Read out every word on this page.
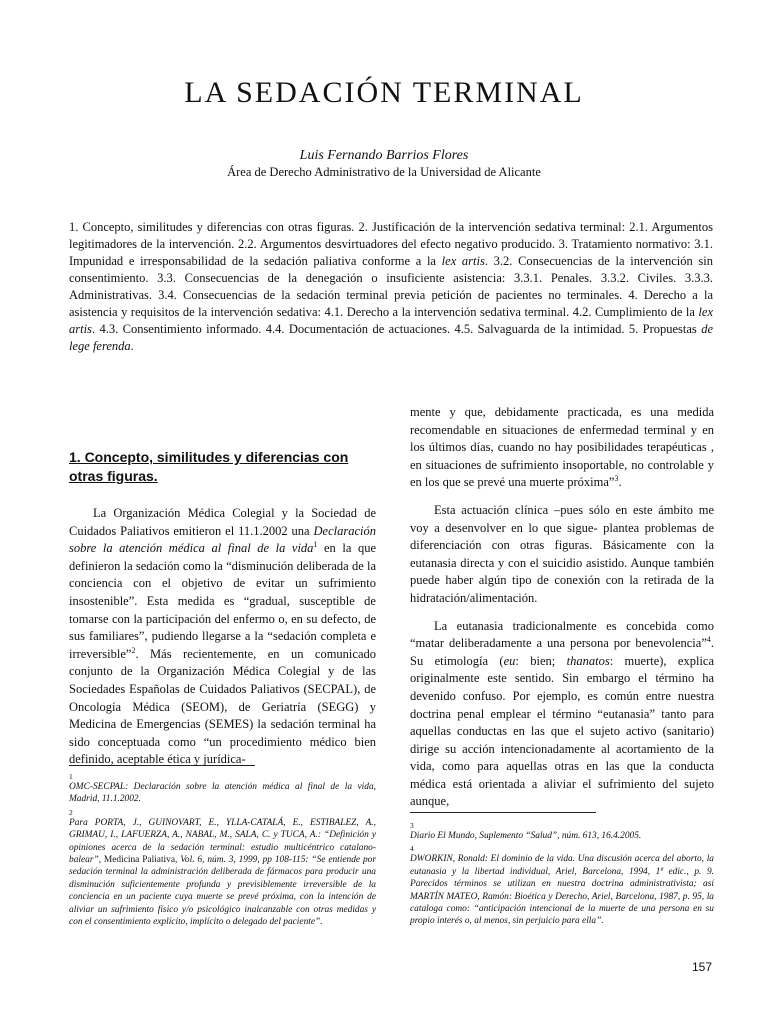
LA SEDACIÓN TERMINAL
Luis Fernando Barrios Flores
Área de Derecho Administrativo de la Universidad de Alicante
1. Concepto, similitudes y diferencias con otras figuras. 2. Justificación de la intervención sedativa terminal: 2.1. Argumentos legitimadores de la intervención. 2.2. Argumentos desvirtuadores del efecto negativo producido. 3. Tratamiento normativo: 3.1. Impunidad e irresponsabilidad de la sedación paliativa conforme a la lex artis. 3.2. Consecuencias de la intervención sin consentimiento. 3.3. Consecuencias de la denegación o insuficiente asistencia: 3.3.1. Penales. 3.3.2. Civiles. 3.3.3. Administrativas. 3.4. Consecuencias de la sedación terminal previa petición de pacientes no terminales. 4. Derecho a la asistencia y requisitos de la intervención sedativa: 4.1. Derecho a la intervención sedativa terminal. 4.2. Cumplimiento de la lex artis. 4.3. Consentimiento informado. 4.4. Documentación de actuaciones. 4.5. Salvaguarda de la intimidad. 5. Propuestas de lege ferenda.

1. Concepto, similitudes y diferencias con otras figuras.

La Organización Médica Colegial y la Sociedad de Cuidados Paliativos emitieron el 11.1.2002 una Declaración sobre la atención médica al final de la vida$^1$ en la que definieron la sedación como la “disminución deliberada de la conciencia con el objetivo de evitar un sufrimiento insostenible”. Esta medida es “gradual, susceptible de tomarse con la participación del enfermo o, en su defecto, de sus familiares”, pudiendo llegarse a la “sedación completa e irreversible”$^2$. Más recientemente, en un comunicado conjunto de la Organización Médica Colegial y de las Sociedades Españolas de Cuidados Paliativos (SECPAL), de Oncología Médica (SEOM), de Geriatría (SEGG) y Medicina de Emergencias (SEMES) la sedación terminal ha sido conceptuada como “un procedimiento médico bien definido, aceptable ética y jurídica-

mente y que, debidamente practicada, es una medida recomendable en situaciones de enfermedad terminal y en los últimos días, cuando no hay posibilidades terapéuticas , en situaciones de sufrimiento insoportable, no controlable y en los que se prevé una muerte próxima”$^3$.

Esta actuación clínica –pues sólo en este ámbito me voy a desenvolver en lo que sigue- plantea problemas de diferenciación con otras figuras. Básicamente con la eutanasia directa y con el suicidio asistido. Aunque también puede haber algún tipo de conexión con la retirada de la hidratación/alimentación.

La eutanasia tradicionalmente es concebida como “matar deliberadamente a una persona por benevolencia”$^4$. Su etimología (eu: bien; thanatos: muerte), explica originalmente este sentido. Sin embargo el término ha devenido confuso. Por ejemplo, es común entre nuestra doctrina penal emplear el término “eutanasia” tanto para aquellas conductas en las que el sujeto activo (sanitario) dirige su acción intencionadamente al acortamiento de la vida, como para aquellas otras en las que la conducta médica está orientada a aliviar el sufrimiento del sujeto aunque,

1
OMC-SECPAL: Declaración sobre la atención médica al final de la vida, Madrid, 11.1.2002.
2
Para PORTA, J., GUINOVART, E., YLLA-CATALÁ, E., ESTIBALEZ, A., GRIMAU, I., LAFUERZA, A., NABAL, M., SALA, C. y TUCA, A.: “Definición y opiniones acerca de la sedación terminal: estudio multicéntrico catalano-balear”, Medicina Paliativa, Vol. 6, núm. 3, 1999, pp 108-115: “Se entiende por sedación terminal la administración deliberada de fármacos para producir una disminución suficientemente profunda y previsiblemente irreversible de la conciencia en un paciente cuya muerte se prevé próxima, con la intención de aliviar un sufrimiento físico y/o psicológico inalcanzable con otras medidas y con el consentimiento explícito, implícito o delegado del paciente”.
3
Diario El Mundo, Suplemento “Salud”, núm. 613, 16.4.2005.
4
DWORKIN, Ronald: El dominio de la vida. Una discusión acerca del aborto, la eutanasia y la libertad individual, Ariel, Barcelona, 1994, 1ª edic., p. 9. Parecidos términos se utilizan en nuestra doctrina administrativista; así MARTÍN MATEO, Ramón: Bioética y Derecho, Ariel, Barcelona, 1987, p. 95, la cataloga como: “anticipación intencional de la muerte de una persona en su propio interés o, al menos, sin perjuicio para ella”.
157
